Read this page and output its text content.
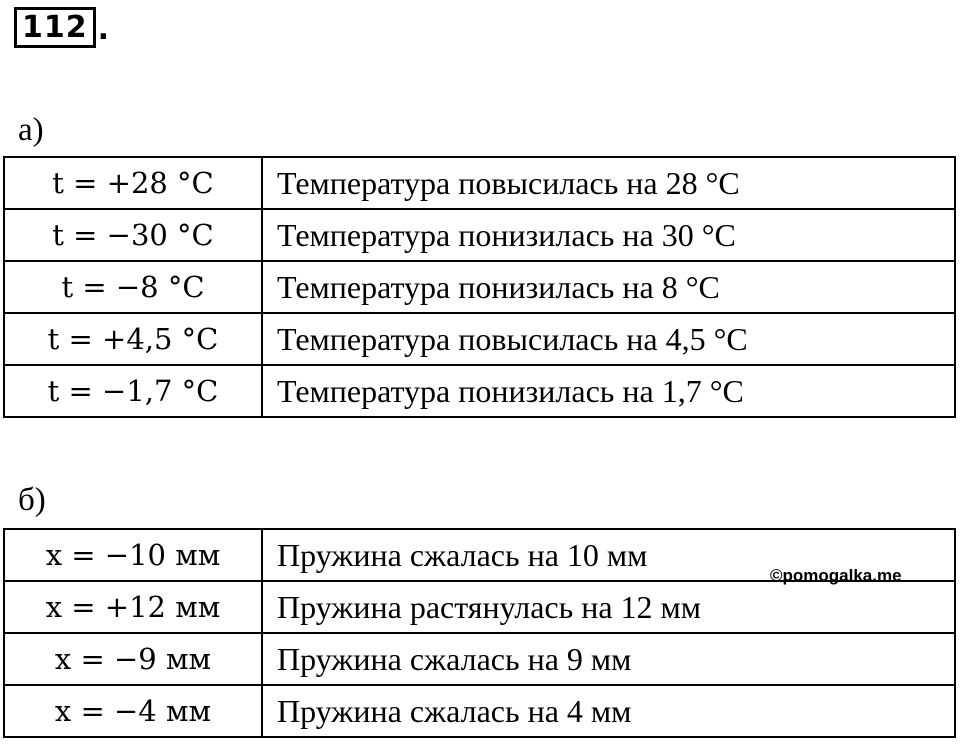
112 .
а)
t = +28 °C	Температура повысилась на 28 °C
t = −30 °C	Температура понизилась на 30 °C
t = −8 °C	Температура понизилась на 8 °C
t = +4,5 °C	Температура повысилась на 4,5 °C
t = −1,7 °C	Температура понизилась на 1,7 °C
б)
x = −10 мм	Пружина сжалась на 10 мм
x = +12 мм	Пружина растянулась на 12 мм
x = −9 мм	Пружина сжалась на 9 мм
x = −4 мм	Пружина сжалась на 4 мм
©pomogalka.me
